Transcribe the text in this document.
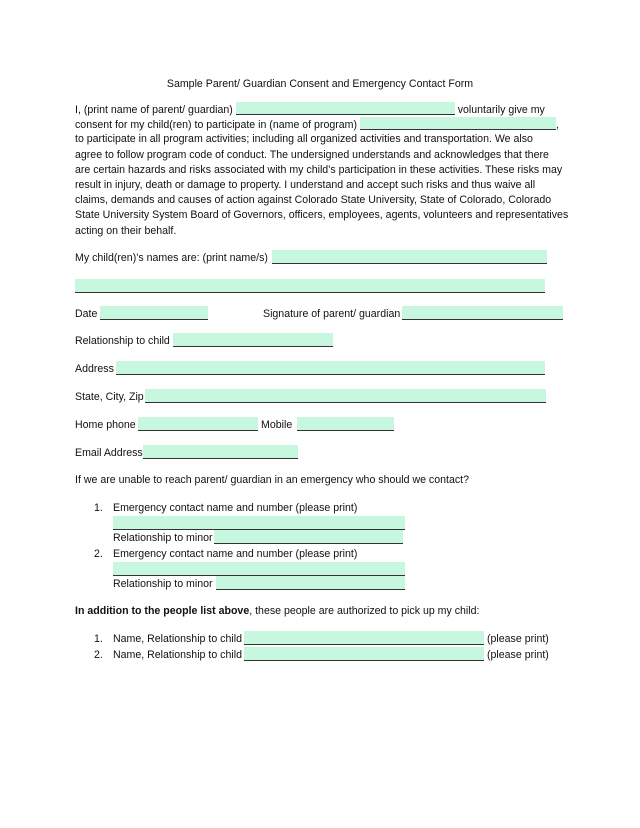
Sample Parent/ Guardian Consent and Emergency Contact Form
I, (print name of parent/ guardian)	voluntarily give my
consent for my child(ren) to participate in (name of program)	,
to participate in all program activities; including all organized activities and transportation. We also
agree to follow program code of conduct. The undersigned understands and acknowledges that there
are certain hazards and risks associated with my child’s participation in these activities. These risks may
result in injury, death or damage to property. I understand and accept such risks and thus waive all
claims, demands and causes of action against Colorado State University, State of Colorado, Colorado
State University System Board of Governors, officers, employees, agents, volunteers and representatives
acting on their behalf.
My child(ren)’s names are: (print name/s)
Date	Signature of parent/ guardian
Relationship to child
Address
State, City, Zip
Home phone	Mobile
Email Address
If we are unable to reach parent/ guardian in an emergency who should we contact?
1. Emergency contact name and number (please print)
Relationship to minor
2. Emergency contact name and number (please print)
Relationship to minor
In addition to the people list above, these people are authorized to pick up my child:
1. Name, Relationship to child	(please print)
2. Name, Relationship to child	(please print)
